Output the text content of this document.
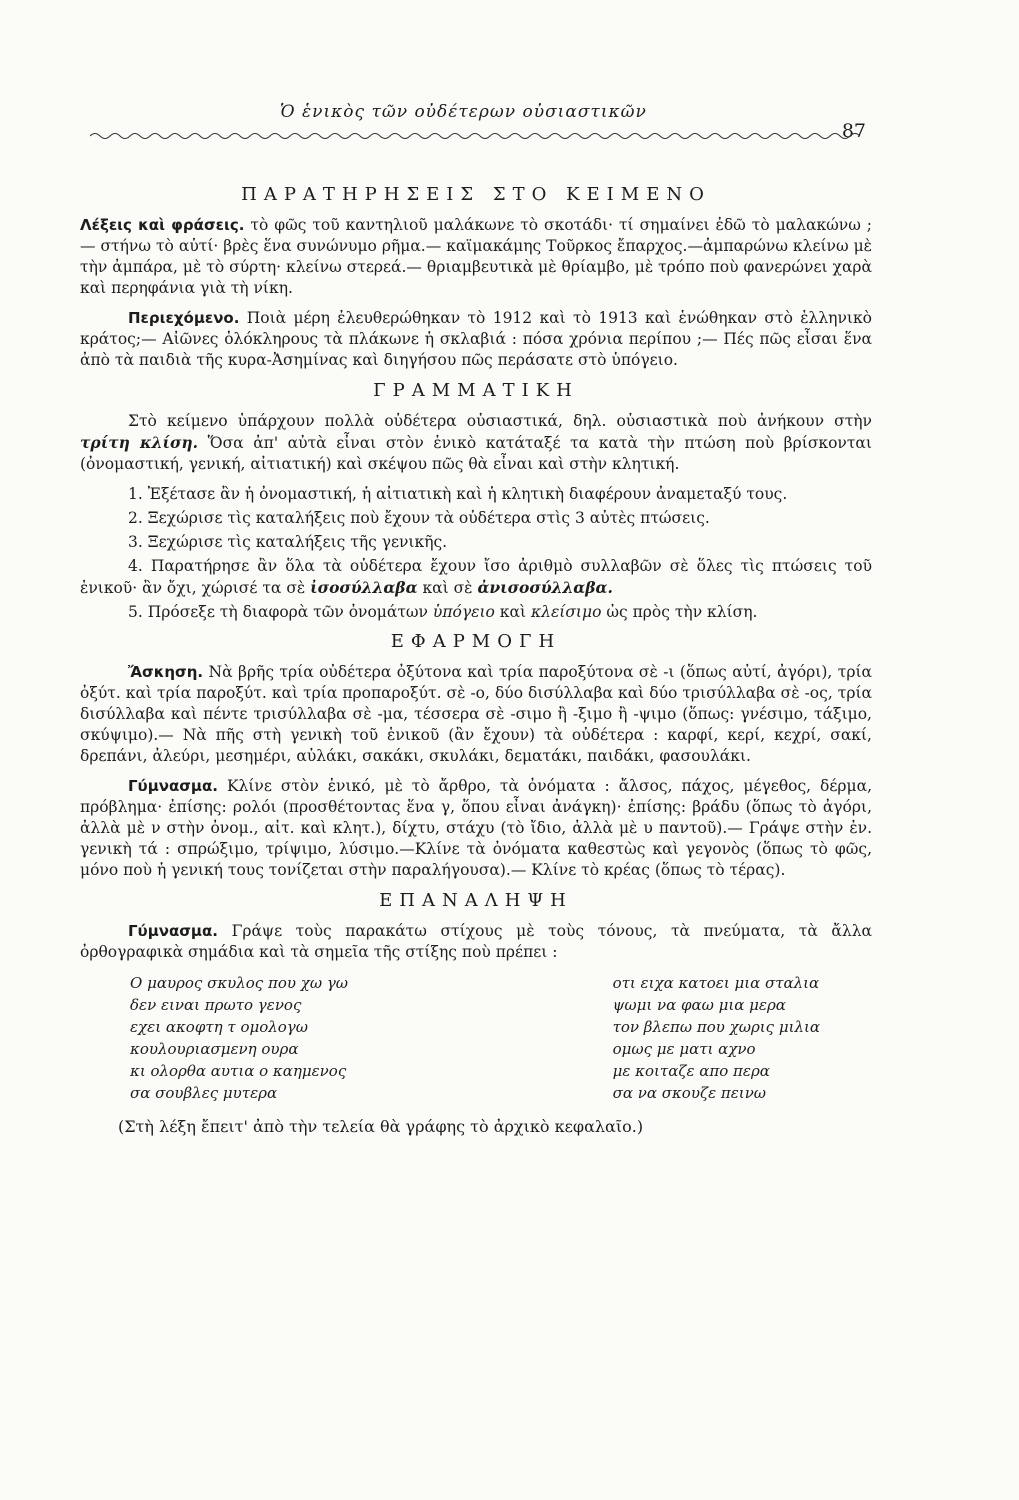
Ὁ ἑνικὸς τῶν οὐδέτερων οὐσιαστικῶν
87
ΠΑΡΑΤΗΡΗΣΕΙΣ ΣΤΟ ΚΕΙΜΕΝΟ

Λέξεις καὶ φράσεις. τὸ φῶς τοῦ καντηλιοῦ μαλάκωνε τὸ σκοτάδι· τί σημαίνει ἐδῶ τὸ μαλακώνω ; — στήνω τὸ αὐτί· βρὲς ἕνα συνώνυμο ρῆμα.— καϊμακάμης Τοῦρκος ἔπαρχος.—ἀμπαρώνω κλείνω μὲ τὴν ἀμπάρα, μὲ τὸ σύρτη· κλείνω στερεά.— θριαμβευτικὰ μὲ θρίαμβο, μὲ τρόπο ποὺ φανερώνει χαρὰ καὶ περηφάνια γιὰ τὴ νίκη.

Περιεχόμενο. Ποιὰ μέρη ἐλευθερώθηκαν τὸ 1912 καὶ τὸ 1913 καὶ ἑνώθηκαν στὸ ἑλληνικὸ κράτος;— Αἰῶνες ὁλόκληρους τὰ πλάκωνε ἡ σκλαβιά : πόσα χρόνια περίπου ;— Πές πῶς εἶσαι ἕνα ἀπὸ τὰ παιδιὰ τῆς κυρα-Ἀσημίνας καὶ διηγήσου πῶς περάσατε στὸ ὑπόγειο.

ΓΡΑΜΜΑΤΙΚΗ

Στὸ κείμενο ὑπάρχουν πολλὰ οὐδέτερα οὐσιαστικά, δηλ. οὐσιαστικὰ ποὺ ἀνήκουν στὴν τρίτη κλίση. Ὅσα ἀπ' αὐτὰ εἶναι στὸν ἑνικὸ κατάταξέ τα κατὰ τὴν πτώση ποὺ βρίσκονται (ὀνομαστική, γενική, αἰτιατική) καὶ σκέψου πῶς θὰ εἶναι καὶ στὴν κλητική.

Ἐξέτασε ἂν ἡ ὀνομαστική, ἡ αἰτιατικὴ καὶ ἡ κλητικὴ διαφέρουν ἀναμεταξύ τους.
Ξεχώρισε τὶς καταλήξεις ποὺ ἔχουν τὰ οὐδέτερα στὶς 3 αὐτὲς πτώσεις.
Ξεχώρισε τὶς καταλήξεις τῆς γενικῆς.
Παρατήρησε ἂν ὅλα τὰ οὐδέτερα ἔχουν ἴσο ἀριθμὸ συλλαβῶν σὲ ὅλες τὶς πτώσεις τοῦ ἑνικοῦ· ἂν ὄχι, χώρισέ τα σὲ ἰσοσύλλαβα καὶ σὲ ἀνισοσύλλαβα.
Πρόσεξε τὴ διαφορὰ τῶν ὀνομάτων ὑπόγειο καὶ κλείσιμο ὡς πρὸς τὴν κλίση.
ΕΦΑΡΜΟΓΗ

Ἄσκηση. Νὰ βρῆς τρία οὐδέτερα ὀξύτονα καὶ τρία παροξύτονα σὲ -ι (ὅπως αὐτί, ἀγόρι), τρία ὀξύτ. καὶ τρία παροξύτ. καὶ τρία προπαροξύτ. σὲ -ο, δύο δισύλλαβα καὶ δύο τρισύλλαβα σὲ -ος, τρία δισύλλαβα καὶ πέντε τρισύλλαβα σὲ -μα, τέσσερα σὲ -σιμο ἢ -ξιμο ἢ -ψιμο (ὅπως: γνέσιμο, τάξιμο, σκύψιμο).— Νὰ πῆς στὴ γενικὴ τοῦ ἑνικοῦ (ἂν ἔχουν) τὰ οὐδέτερα : καρφί, κερί, κεχρί, σακί, δρεπάνι, ἀλεύρι, μεσημέρι, αὐλάκι, σακάκι, σκυλάκι, δεματάκι, παιδάκι, φασουλάκι.

Γύμνασμα. Κλίνε στὸν ἑνικό, μὲ τὸ ἄρθρο, τὰ ὀνόματα : ἄλσος, πάχος, μέγεθος, δέρμα, πρόβλημα· ἐπίσης: ρολόι (προσθέτοντας ἕνα γ, ὅπου εἶναι ἀνάγκη)· ἐπίσης: βράδυ (ὅπως τὸ ἀγόρι, ἀλλὰ μὲ ν στὴν ὀνομ., αἰτ. καὶ κλητ.), δίχτυ, στάχυ (τὸ ἴδιο, ἀλλὰ μὲ υ παντοῦ).— Γράψε στὴν ἑν. γενικὴ τά : σπρώξιμο, τρίψιμο, λύσιμο.—Κλίνε τὰ ὀνόματα καθεστὼς καὶ γεγονὸς (ὅπως τὸ φῶς, μόνο ποὺ ἡ γενική τους τονίζεται στὴν παραλήγουσα).— Κλίνε τὸ κρέας (ὅπως τὸ τέρας).

ΕΠΑΝΑΛΗΨΗ

Γύμνασμα. Γράψε τοὺς παρακάτω στίχους μὲ τοὺς τόνους, τὰ πνεύματα, τὰ ἄλλα ὀρθογραφικὰ σημάδια καὶ τὰ σημεῖα τῆς στίξης ποὺ πρέπει :

Ο μαυρος σκυλος που χω γω
δεν ειναι πρωτο γενος
εχει ακοφτη τ ομολογω
κουλουριασμενη ουρα
κι ολορθα αυτια ο καημενος
σα σουβλες μυτερα
οτι ειχα κατοει μια σταλια
ψωμι να φαω μια μερα
τον βλεπω που χωρις μιλια
ομως με ματι αχνο
με κοιταζε απο περα
σα να σκουζε πεινω

(Στὴ λέξη ἔπειτ' ἀπὸ τὴν τελεία θὰ γράφης τὸ ἀρχικὸ κεφαλαῖο.)
